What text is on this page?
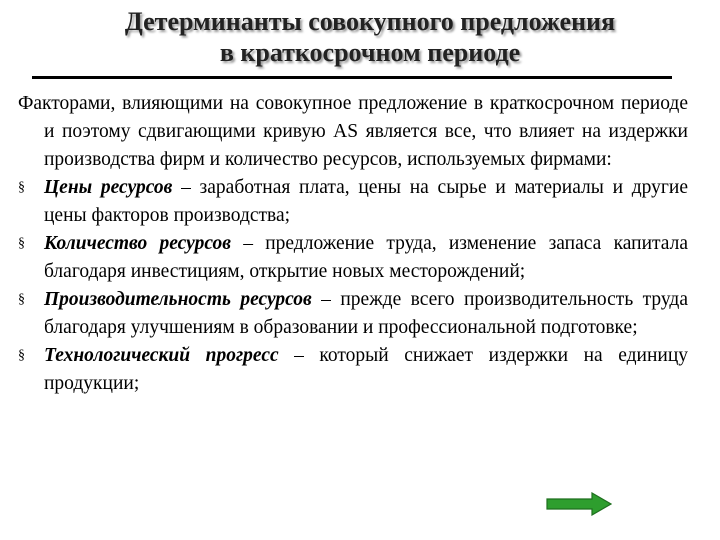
Детерминанты совокупного предложения
в краткосрочном периоде

Факторами, влияющими на совокупное предложение в краткосрочном периоде и поэтому сдвигающими кривую AS является все, что влияет на издержки производства фирм и количество ресурсов, используемых фирмами:

§ Цены ресурсов – заработная плата, цены на сырье и материалы и другие цены факторов производства;

§ Количество ресурсов – предложение труда, изменение запаса капитала благодаря инвестициям, открытие новых месторождений;

§ Производительность ресурсов – прежде всего производительность труда благодаря улучшениям в образовании и профессиональной подготовке;

§ Технологический прогресс – который снижает издержки на единицу продукции;
